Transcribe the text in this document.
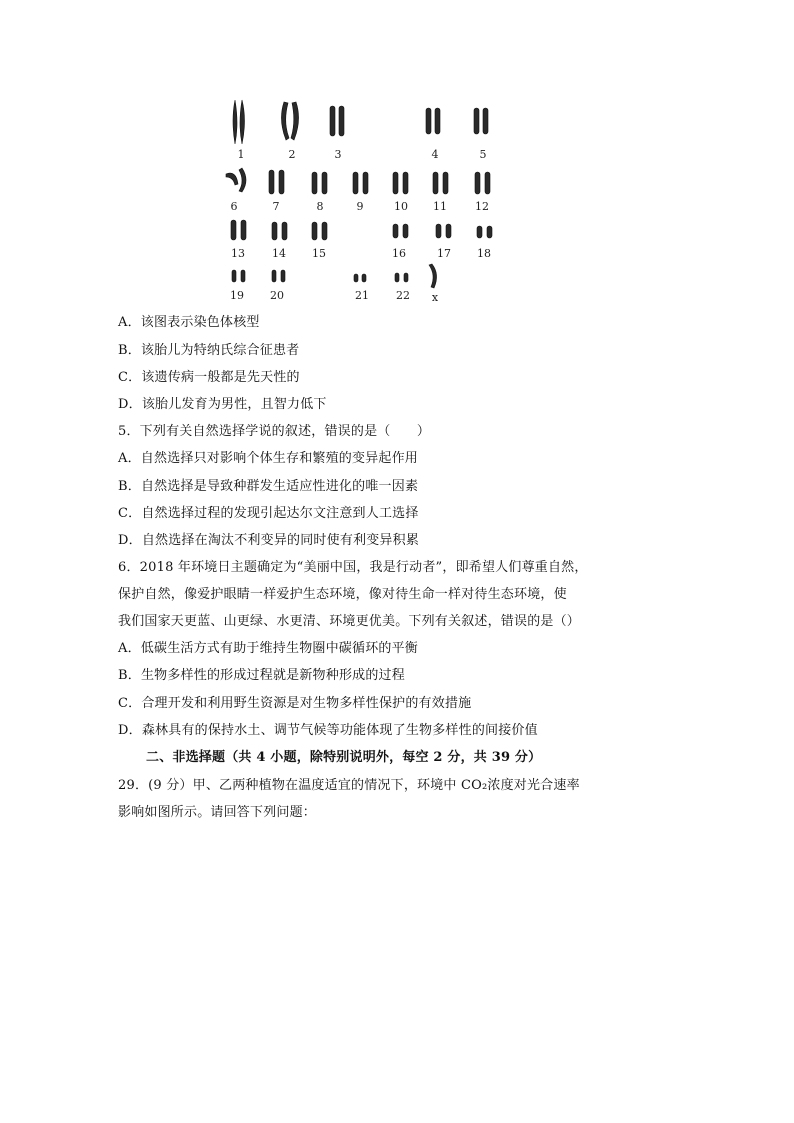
1	2	3	4	5
6	7	8	9	10 11	12
13 14 15	16	17 18
19 20	21 22 x
A．该图表示染色体核型
B．该胎儿为特纳氏综合征患者
C．该遗传病一般都是先天性的
D．该胎儿发育为男性，且智力低下
5．下列有关自然选择学说的叙述，错误的是（　　）
A．自然选择只对影响个体生存和繁殖的变异起作用
B．自然选择是导致种群发生适应性进化的唯一因素
C．自然选择过程的发现引起达尔文注意到人工选择
D．自然选择在淘汰不利变异的同时使有利变异积累
6．2018 年环境日主题确定为“美丽中国，我是行动者”，即希望人们尊重自然，
保护自然，像爱护眼睛一样爱护生态环境，像对待生命一样对待生态环境，使
我们国家天更蓝、山更绿、水更清、环境更优美。下列有关叙述，错误的是（）
A．低碳生活方式有助于维持生物圈中碳循环的平衡
B．生物多样性的形成过程就是新物种形成的过程
C．合理开发和利用野生资源是对生物多样性保护的有效措施
D．森林具有的保持水土、调节气候等功能体现了生物多样性的间接价值
二、非选择题（共 4 小题，除特别说明外，每空 2 分，共 39 分）
29．(9 分）甲、乙两种植物在温度适宜的情况下，环境中 CO₂浓度对光合速率
影响如图所示。请回答下列问题：
